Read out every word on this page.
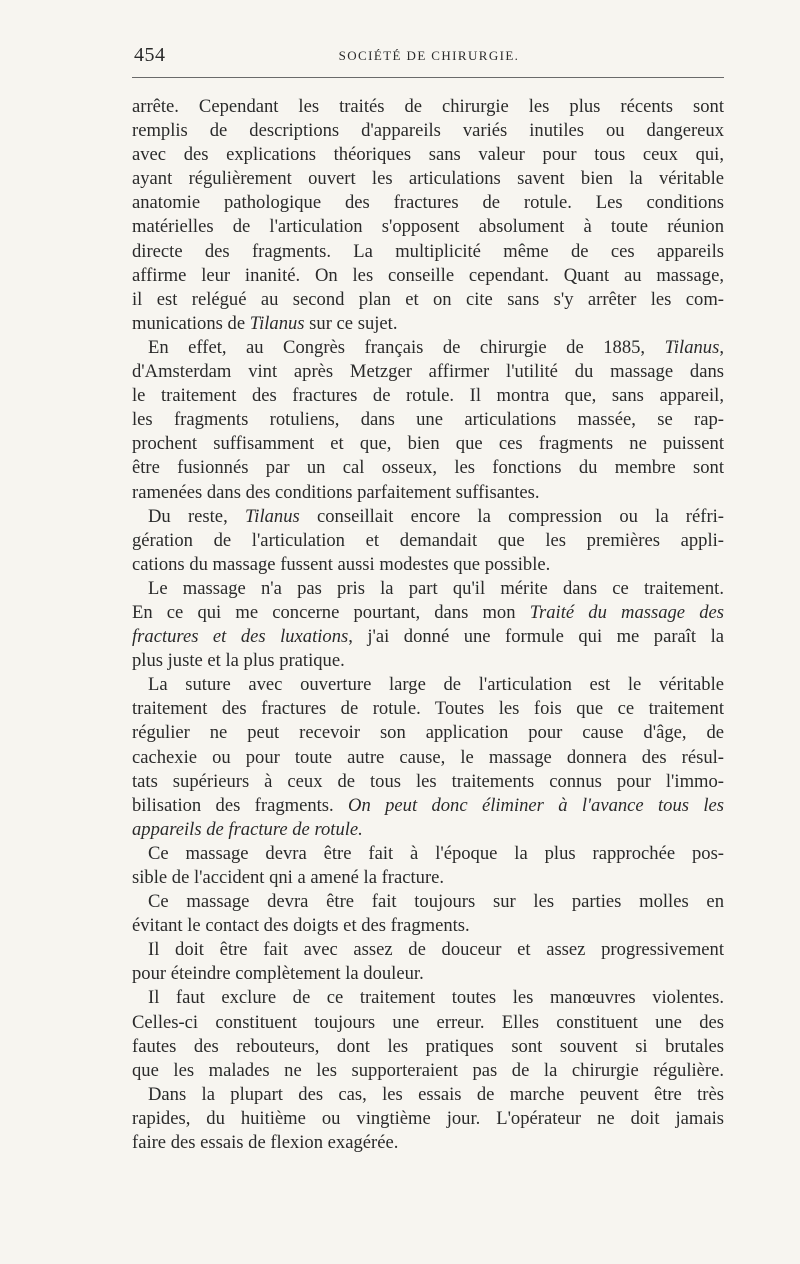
454	SOCIÉTÉ DE CHIRURGIE.
arrête. Cependant les traités de chirurgie les plus récents sont
remplis de descriptions d'appareils variés inutiles ou dangereux
avec des explications théoriques sans valeur pour tous ceux qui,
ayant régulièrement ouvert les articulations savent bien la véritable
anatomie pathologique des fractures de rotule. Les conditions
matérielles de l'articulation s'opposent absolument à toute réunion
directe des fragments. La multiplicité même de ces appareils
affirme leur inanité. On les conseille cependant. Quant au massage,
il est relégué au second plan et on cite sans s'y arrêter les com-
munications de Tilanus sur ce sujet.
En effet, au Congrès français de chirurgie de 1885, Tilanus,
d'Amsterdam vint après Metzger affirmer l'utilité du massage dans
le traitement des fractures de rotule. Il montra que, sans appareil,
les fragments rotuliens, dans une articulations massée, se rap-
prochent suffisamment et que, bien que ces fragments ne puissent
être fusionnés par un cal osseux, les fonctions du membre sont
ramenées dans des conditions parfaitement suffisantes.
Du reste, Tilanus conseillait encore la compression ou la réfri-
gération de l'articulation et demandait que les premières appli-
cations du massage fussent aussi modestes que possible.
Le massage n'a pas pris la part qu'il mérite dans ce traitement.
En ce qui me concerne pourtant, dans mon Traité du massage des
fractures et des luxations, j'ai donné une formule qui me paraît la
plus juste et la plus pratique.
La suture avec ouverture large de l'articulation est le véritable
traitement des fractures de rotule. Toutes les fois que ce traitement
régulier ne peut recevoir son application pour cause d'âge, de
cachexie ou pour toute autre cause, le massage donnera des résul-
tats supérieurs à ceux de tous les traitements connus pour l'immo-
bilisation des fragments. On peut donc éliminer à l'avance tous les
appareils de fracture de rotule.
Ce massage devra être fait à l'époque la plus rapprochée pos-
sible de l'accident qni a amené la fracture.
Ce massage devra être fait toujours sur les parties molles en
évitant le contact des doigts et des fragments.
Il doit être fait avec assez de douceur et assez progressivement
pour éteindre complètement la douleur.
Il faut exclure de ce traitement toutes les manœuvres violentes.
Celles-ci constituent toujours une erreur. Elles constituent une des
fautes des rebouteurs, dont les pratiques sont souvent si brutales
que les malades ne les supporteraient pas de la chirurgie régulière.
Dans la plupart des cas, les essais de marche peuvent être très
rapides, du huitième ou vingtième jour. L'opérateur ne doit jamais
faire des essais de flexion exagérée.
